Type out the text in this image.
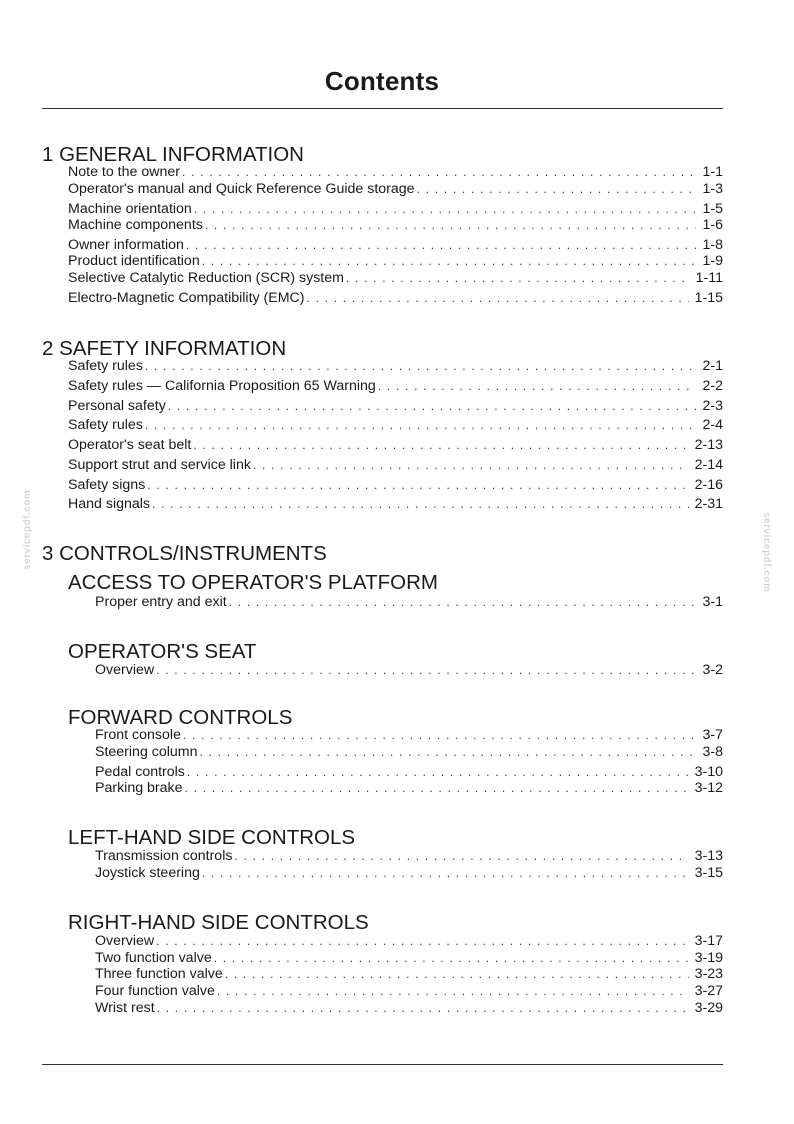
Contents
servicepdf.com	servicepdf.com
1 GENERAL INFORMATION
Note to the owner . . .	1-1
Operator's manual and Quick Reference Guide storage . . .	1-3
Machine orientation . . .	1-5
Machine components . . .	1-6
Owner information . . .	1-8
Product identification . . .	1-9
Selective Catalytic Reduction (SCR) system . . .	1-11
Electro-Magnetic Compatibility (EMC) . . .	1-15
2 SAFETY INFORMATION
Safety rules . . .	2-1
Safety rules — California Proposition 65 Warning . . .	2-2
Personal safety . . .	2-3
Safety rules . . .	2-4
Operator's seat belt . . .	2-13
Support strut and service link . . .	2-14
Safety signs . . .	2-16
Hand signals . . .	2-31
3 CONTROLS/INSTRUMENTS
ACCESS TO OPERATOR'S PLATFORM
Proper entry and exit . . .	3-1
OPERATOR'S SEAT
Overview . . .	3-2
FORWARD CONTROLS
Front console . . .	3-7
Steering column . . .	3-8
Pedal controls . . .	3-10
Parking brake . . .	3-12
LEFT-HAND SIDE CONTROLS
Transmission controls . . .	3-13
Joystick steering . . .	3-15
RIGHT-HAND SIDE CONTROLS
Overview . . .	3-17
Two function valve . . .	3-19
Three function valve . . .	3-23
Four function valve . . .	3-27
Wrist rest . . .	3-29
